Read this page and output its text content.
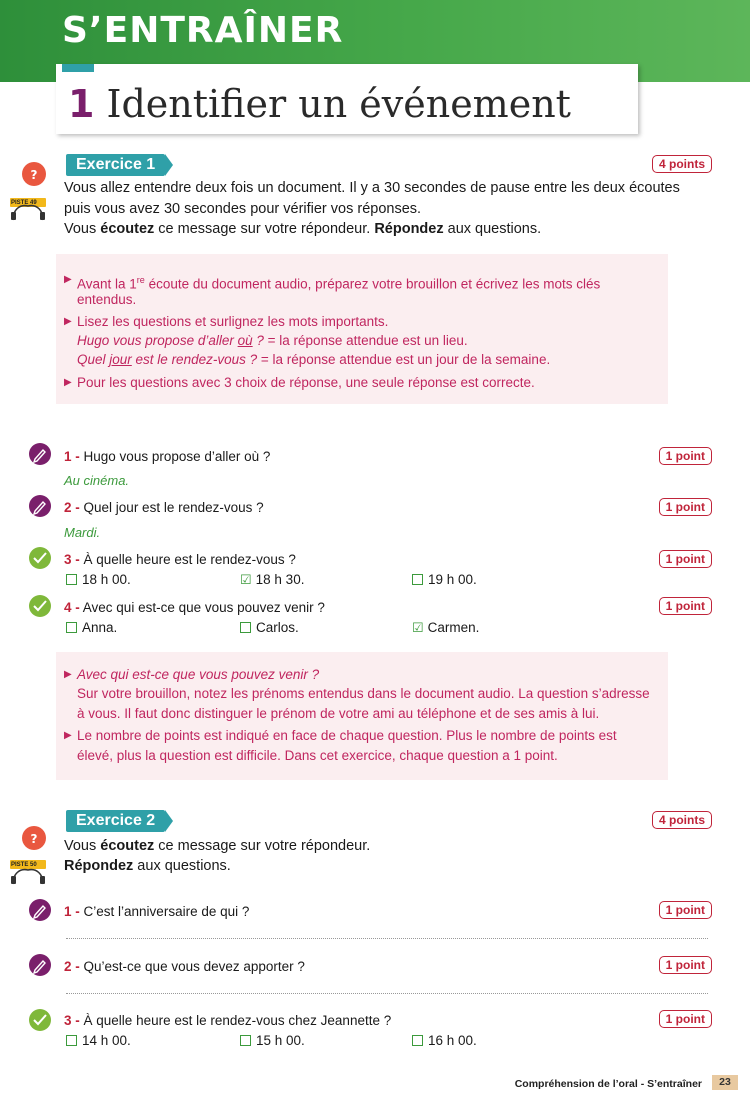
S’ENTRAÎNER
1 Identifier un événement
?
PISTE 49
Exercice 1	4 points
Vous allez entendre deux fois un document. Il y a 30 secondes de pause entre les deux écoutes
puis vous avez 30 secondes pour vérifier vos réponses.
Vous écoutez ce message sur votre répondeur. Répondez aux questions.
▶ Avant la 1re écoute du document audio, préparez votre brouillon et écrivez les mots clés
entendus.
▶ Lisez les questions et surlignez les mots importants.
Hugo vous propose d’aller où ? = la réponse attendue est un lieu.
Quel jour est le rendez-vous ? = la réponse attendue est un jour de la semaine.
▶ Pour les questions avec 3 choix de réponse, une seule réponse est correcte.
1 - Hugo vous propose d’aller où ?	1 point
Au cinéma.
2 - Quel jour est le rendez-vous ?	1 point
Mardi.
3 - À quelle heure est le rendez-vous ?	1 point
18 h 00.	☑ 18 h 30.	19 h 00.
4 - Avec qui est-ce que vous pouvez venir ?	1 point
Anna.	Carlos.	☑ Carmen.
▶ Avec qui est-ce que vous pouvez venir ?
Sur votre brouillon, notez les prénoms entendus dans le document audio. La question s’adresse
à vous. Il faut donc distinguer le prénom de votre ami au téléphone et de ses amis à lui.
▶ Le nombre de points est indiqué en face de chaque question. Plus le nombre de points est
élevé, plus la question est difficile. Dans cet exercice, chaque question a 1 point.
?
PISTE 50
Exercice 2	4 points
Vous écoutez ce message sur votre répondeur.
Répondez aux questions.
1 - C’est l’anniversaire de qui ?	1 point
2 - Qu’est-ce que vous devez apporter ?	1 point
3 - À quelle heure est le rendez-vous chez Jeannette ?	1 point
14 h 00.	15 h 00.	16 h 00.
Compréhension de l’oral - S’entraîner	23
